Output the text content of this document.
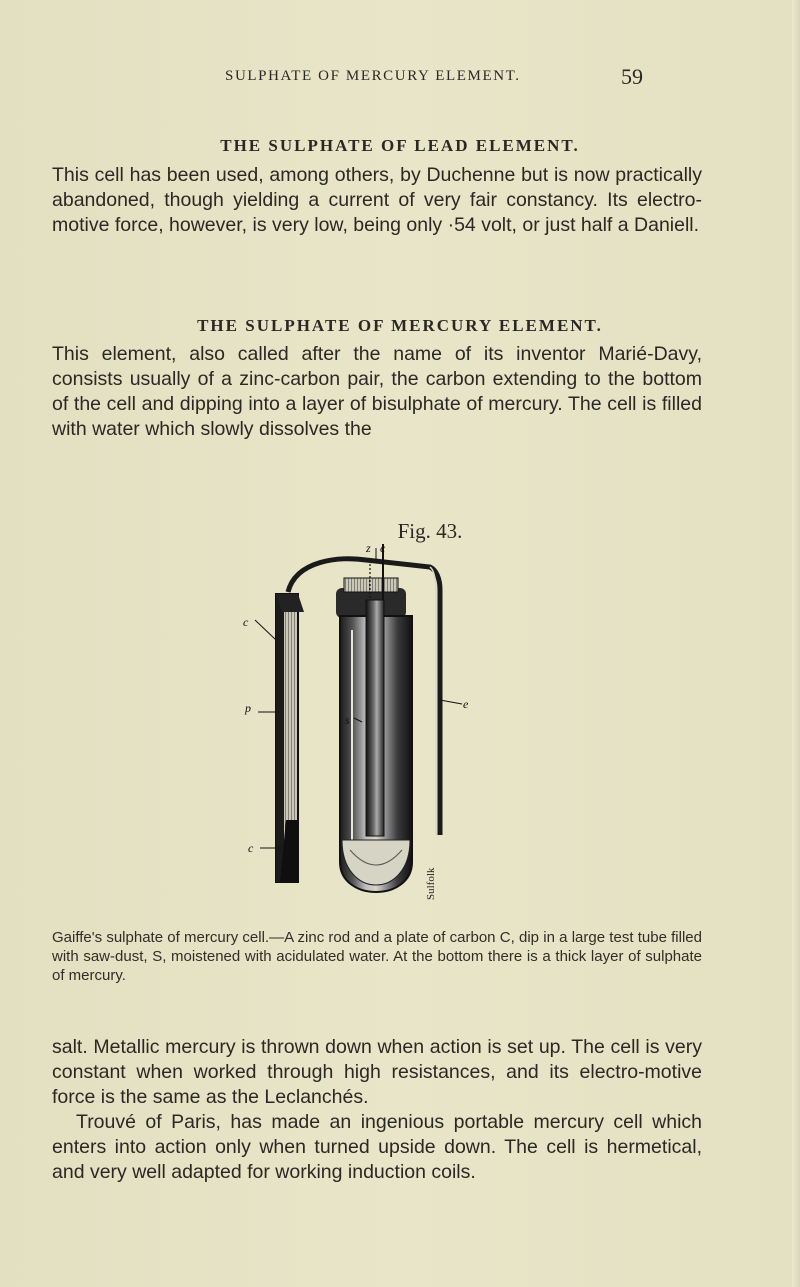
SULPHATE OF MERCURY ELEMENT.	59
THE SULPHATE OF LEAD ELEMENT.

This cell has been used, among others, by Duchenne but is now practically abandoned, though yielding a current of very fair constancy. Its electro-motive force, however, is very low, being only ·54 volt, or just half a Daniell.

THE SULPHATE OF MERCURY ELEMENT.

This element, also called after the name of its inventor Marié-Davy, consists usually of a zinc-carbon pair, the carbon extending to the bottom of the cell and dipping into a layer of bisulphate of mercury. The cell is filled with water which slowly dissolves the

Fig. 43.
z c
c
p
c
s
e
Sulfolk

Gaiffe's sulphate of mercury cell.—A zinc rod and a plate of carbon C, dip in a large test tube filled with saw-dust, S, moistened with acidulated water. At the bottom there is a thick layer of sulphate of mercury.

salt. Metallic mercury is thrown down when action is set up. The cell is very constant when worked through high resistances, and its electro-motive force is the same as the Leclanchés.

Trouvé of Paris, has made an ingenious portable mercury cell which enters into action only when turned upside down. The cell is hermetical, and very well adapted for working induction coils.
